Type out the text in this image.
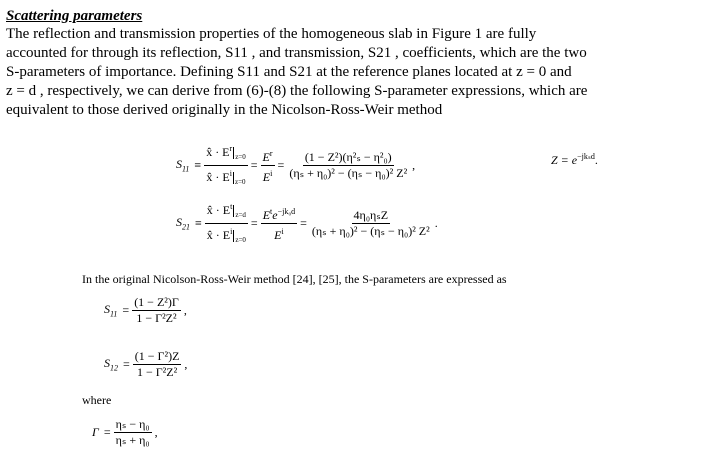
Scattering parameters
The reflection and transmission properties of the homogeneous slab in Figure 1 are fully
accounted for through its reflection, S11 , and transmission, S21 , coefficients, which are the two
S-parameters of importance. Defining S11 and S21 at the reference planes located at z = 0 and
z = d , respectively, we can derive from (6)-(8) the following S-parameter expressions, which are
equivalent to those derived originally in the Nicolson-Ross-Weir method
$S_{11} \equiv \frac{x̂ \cdot E^r_{z=0}}{x̂ \cdot E^i_{z=0}} = \frac{E^r}{E^i} = \frac{\text{(1 − Z²)(η²ₛ − η²₀)}}{\text{(ηₛ + η₀)² − (ηₛ − η₀)² Z²}}$ ,	$Z = e^{-jk_sd}$.
$S_{21} \equiv \frac{x̂ \cdot E^t_{z=d}}{x̂ \cdot E^i_{z=0}} = \frac{E^te^{-jk_0d}}{E^i} = \frac{\text{4η₀ηₛZ}}{\text{(ηₛ + η₀)² − (ηₛ − η₀)² Z²}}$ .
In the original Nicolson-Ross-Weir method [24], [25], the S-parameters are expressed as
$S_{11} = \frac{\text{(1 − Z²)Γ}}{\text{1 − Γ²Z²}}$ ,
$S_{12} = \frac{\text{(1 − Γ²)Z}}{\text{1 − Γ²Z²}}$ ,
where
$\Gamma = \frac{\text{ηₛ − η₀}}{\text{ηₛ + η₀}}$ ,
